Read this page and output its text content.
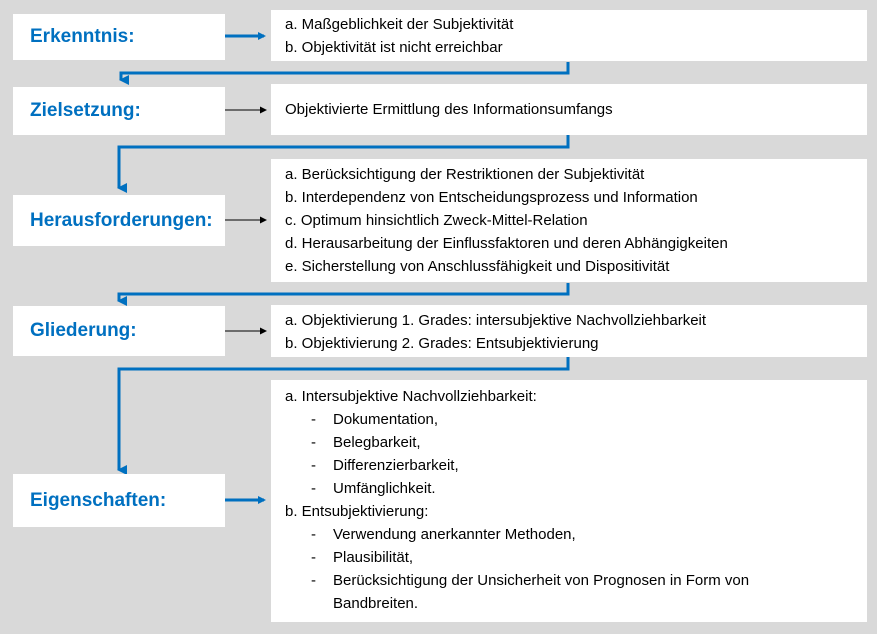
Erkenntnis:
a. Maßgeblichkeit der Subjektivität
b. Objektivität ist nicht erreichbar
Zielsetzung:	Objektivierte Ermittlung des Informationsumfangs
Herausforderungen:
a. Berücksichtigung der Restriktionen der Subjektivität
b. Interdependenz von Entscheidungsprozess und Information
c. Optimum hinsichtlich Zweck-Mittel-Relation
d. Herausarbeitung der Einflussfaktoren und deren Abhängigkeiten
e. Sicherstellung von Anschlussfähigkeit und Dispositivität
Gliederung:	a. Objektivierung 1. Grades: intersubjektive Nachvollziehbarkeit
b. Objektivierung 2. Grades: Entsubjektivierung
Eigenschaften:
a. Intersubjektive Nachvollziehbarkeit:
- Dokumentation,
- Belegbarkeit,
- Differenzierbarkeit,
- Umfänglichkeit.
b. Entsubjektivierung:
- Verwendung anerkannter Methoden,
- Plausibilität,
- Berücksichtigung der Unsicherheit von Prognosen in Form von Bandbreiten.
